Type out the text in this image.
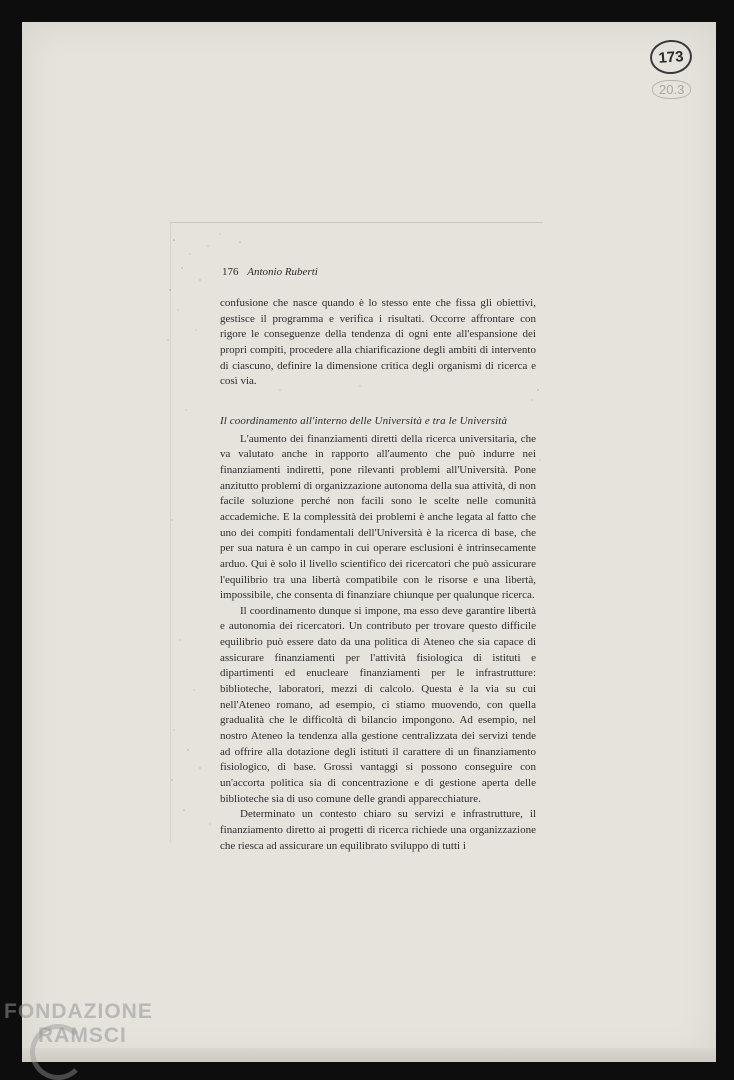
173
20.3
176 Antonio Ruberti

confusione che nasce quando è lo stesso ente che fissa gli obiettivi, gestisce il programma e verifica i risultati. Occorre affrontare con rigore le conseguenze della tendenza di ogni ente all'espansione dei propri compiti, procedere alla chiarificazione degli ambiti di intervento di ciascuno, definire la dimensione critica degli organismi di ricerca e così via.

Il coordinamento all'interno delle Università e tra le Università

L'aumento dei finanziamenti diretti della ricerca universitaria, che va valutato anche in rapporto all'aumento che può indurre nei finanziamenti indiretti, pone rilevanti problemi all'Università. Pone anzitutto problemi di organizzazione autonoma della sua attività, di non facile soluzione perché non facili sono le scelte nelle comunità accademiche. E la complessità dei problemi è anche legata al fatto che uno dei compiti fondamentali dell'Università è la ricerca di base, che per sua natura è un campo in cui operare esclusioni è intrinsecamente arduo. Qui è solo il livello scientifico dei ricercatori che può assicurare l'equilibrio tra una libertà compatibile con le risorse e una libertà, impossibile, che consenta di finanziare chiunque per qualunque ricerca.

Il coordinamento dunque si impone, ma esso deve garantire libertà e autonomia dei ricercatori. Un contributo per trovare questo difficile equilibrio può essere dato da una politica di Ateneo che sia capace di assicurare finanziamenti per l'attività fisiologica di istituti e dipartimenti ed enucleare finanziamenti per le infrastrutture: biblioteche, laboratori, mezzi di calcolo. Questa è la via su cui nell'Ateneo romano, ad esempio, ci stiamo muovendo, con quella gradualità che le difficoltà di bilancio impongono. Ad esempio, nel nostro Ateneo la tendenza alla gestione centralizzata dei servizi tende ad offrire alla dotazione degli istituti il carattere di un finanziamento fisiologico, di base. Grossi vantaggi si possono conseguire con un'accorta politica sia di concentrazione e di gestione aperta delle biblioteche sia di uso comune delle grandi apparecchiature.

Determinato un contesto chiaro su servizi e infrastrutture, il finanziamento diretto ai progetti di ricerca richiede una organizzazione che riesca ad assicurare un equilibrato sviluppo di tutti i

FONDAZIONE
RAMSCI
